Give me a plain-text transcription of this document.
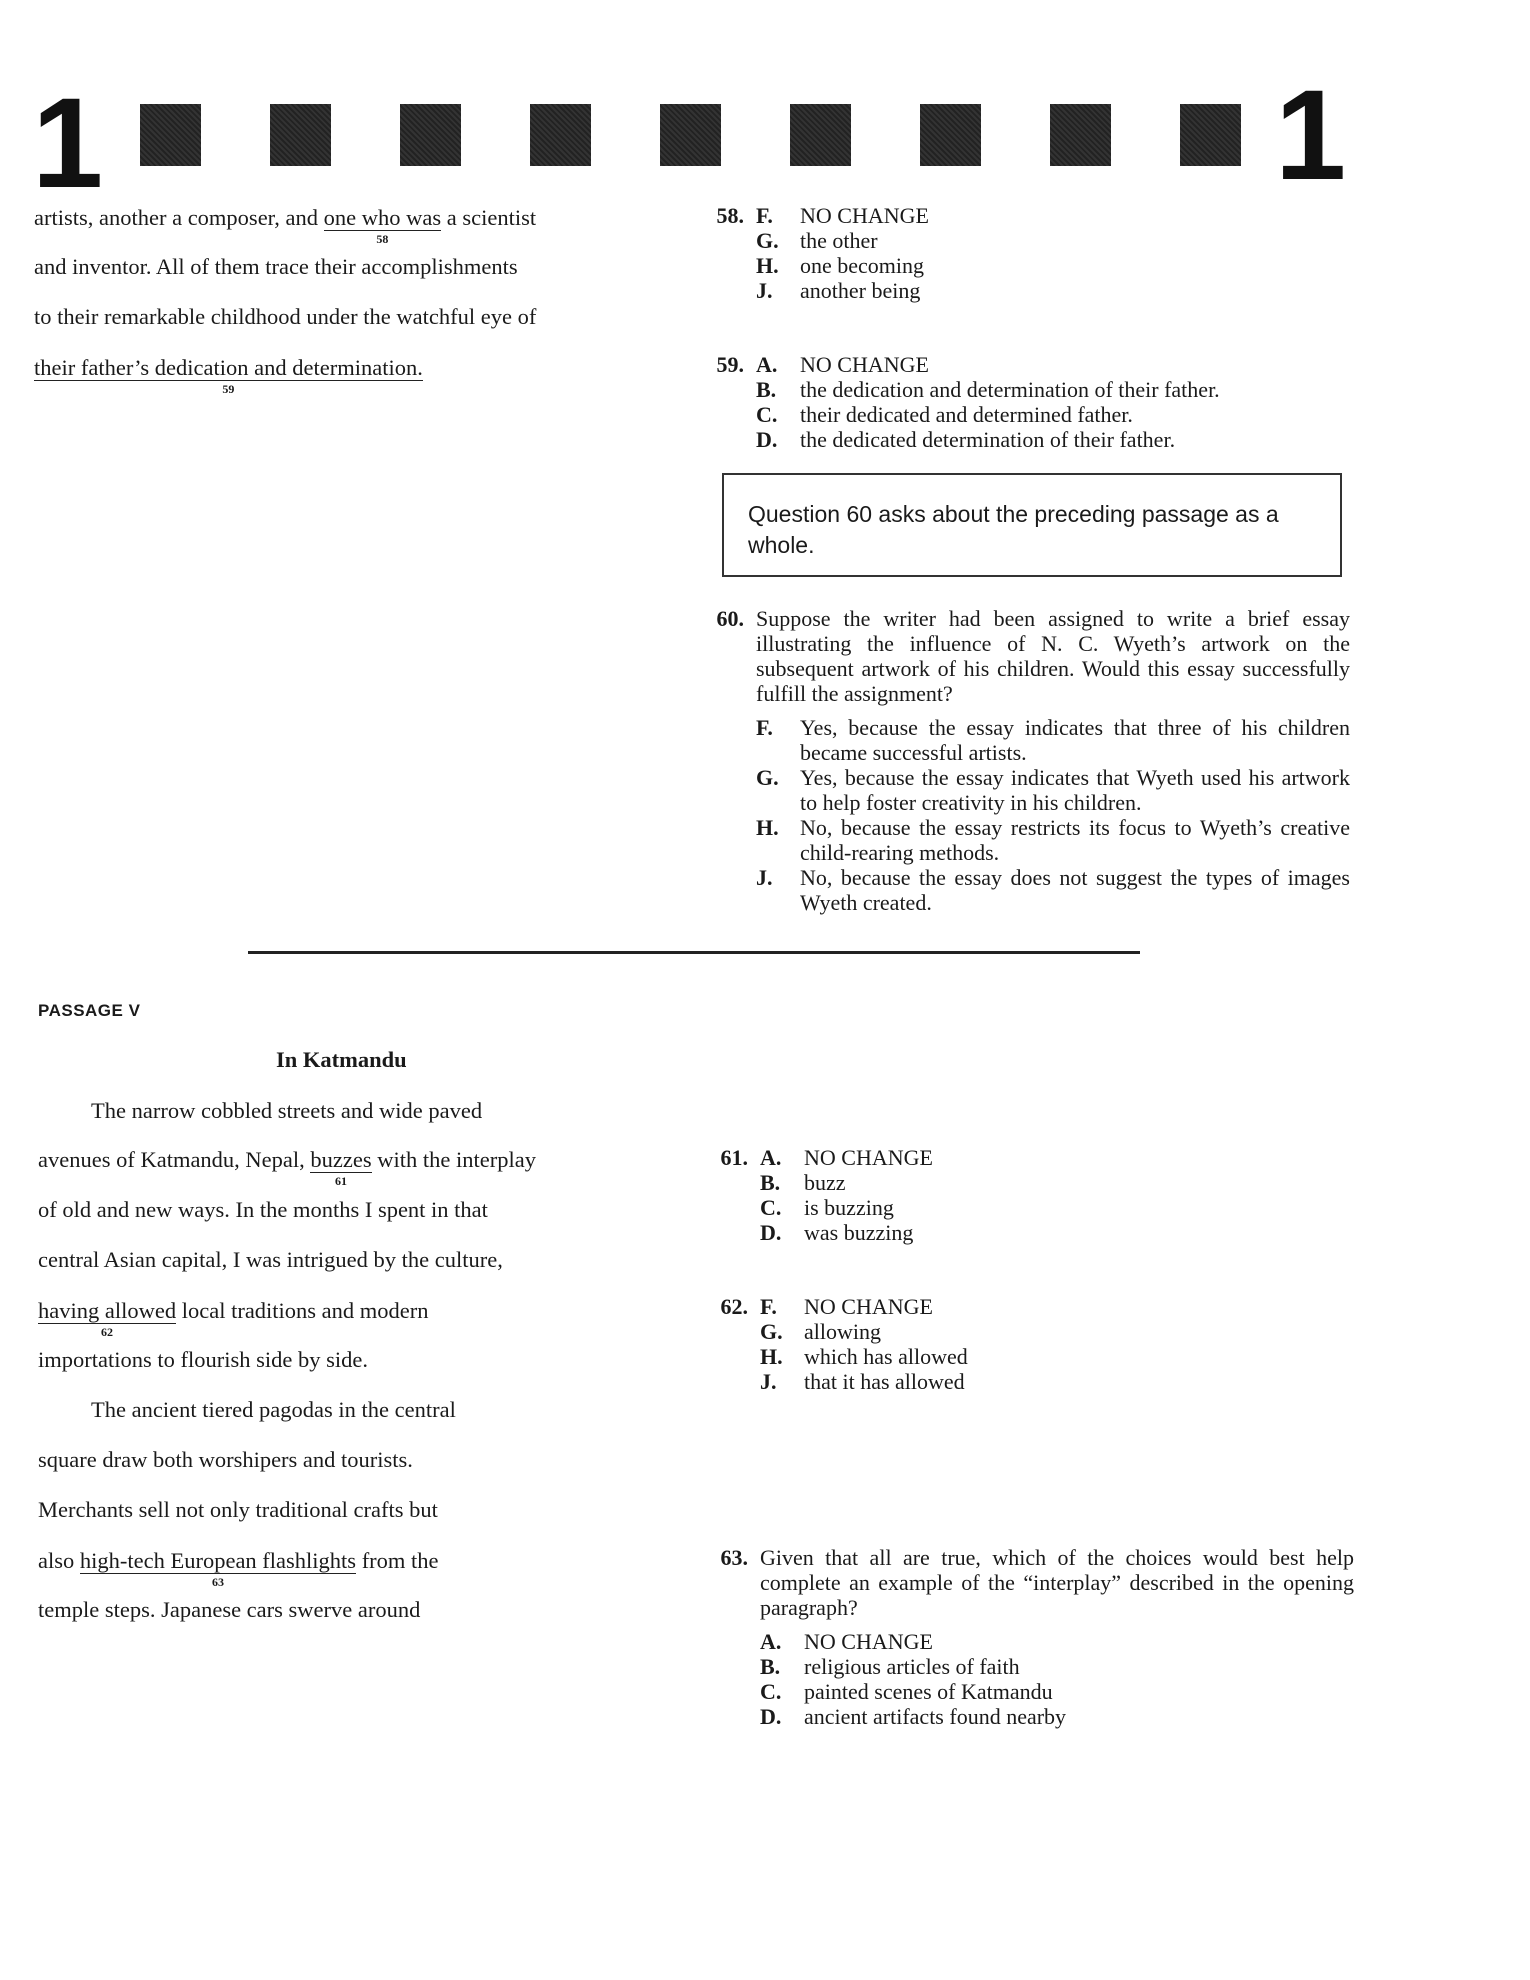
1	1
artists, another a composer, and one who was
58
a scientist
and inventor. All of them trace their accomplishments
to their remarkable childhood under the watchful eye of
their father’s dedication and determination.
59
58. F.	NO CHANGE
G. the other
H. one becoming
J.	another being
59. A.	NO CHANGE
B.	the dedication and determination of their father.
C.	their dedicated and determined father.
D.	the dedicated determination of their father.
Question 60 asks about the preceding passage as a whole.
60. Suppose the writer had been assigned to write a brief essay illustrating the influence of N. C. Wyeth’s artwork on the subsequent artwork of his children. Would this essay successfully fulfill the assignment?
F. Yes, because the essay indicates that three of his children became successful artists.
G. Yes, because the essay indicates that Wyeth used his artwork to help foster creativity in his children.
H. No, because the essay restricts its focus to Wyeth’s creative child-rearing methods.
J. No, because the essay does not suggest the types of images Wyeth created.
PASSAGE V
In Katmandu
The narrow cobbled streets and wide paved
avenues of Katmandu, Nepal, buzzes
61
with the interplay
of old and new ways. In the months I spent in that
central Asian capital, I was intrigued by the culture,
having allowed
62
local traditions and modern
importations to flourish side by side.
The ancient tiered pagodas in the central
square draw both worshipers and tourists.
Merchants sell not only traditional crafts but
also high-tech European flashlights
63
from the
temple steps. Japanese cars swerve around
61. A.	NO CHANGE
B.	buzz
C.	is buzzing
D.	was buzzing
62. F.	NO CHANGE
G. allowing
H. which has allowed
J.	that it has allowed
63. Given that all are true, which of the choices would best help complete an example of the “interplay” described in the opening paragraph?
A.	NO CHANGE
B.	religious articles of faith
C.	painted scenes of Katmandu
D.	ancient artifacts found nearby
